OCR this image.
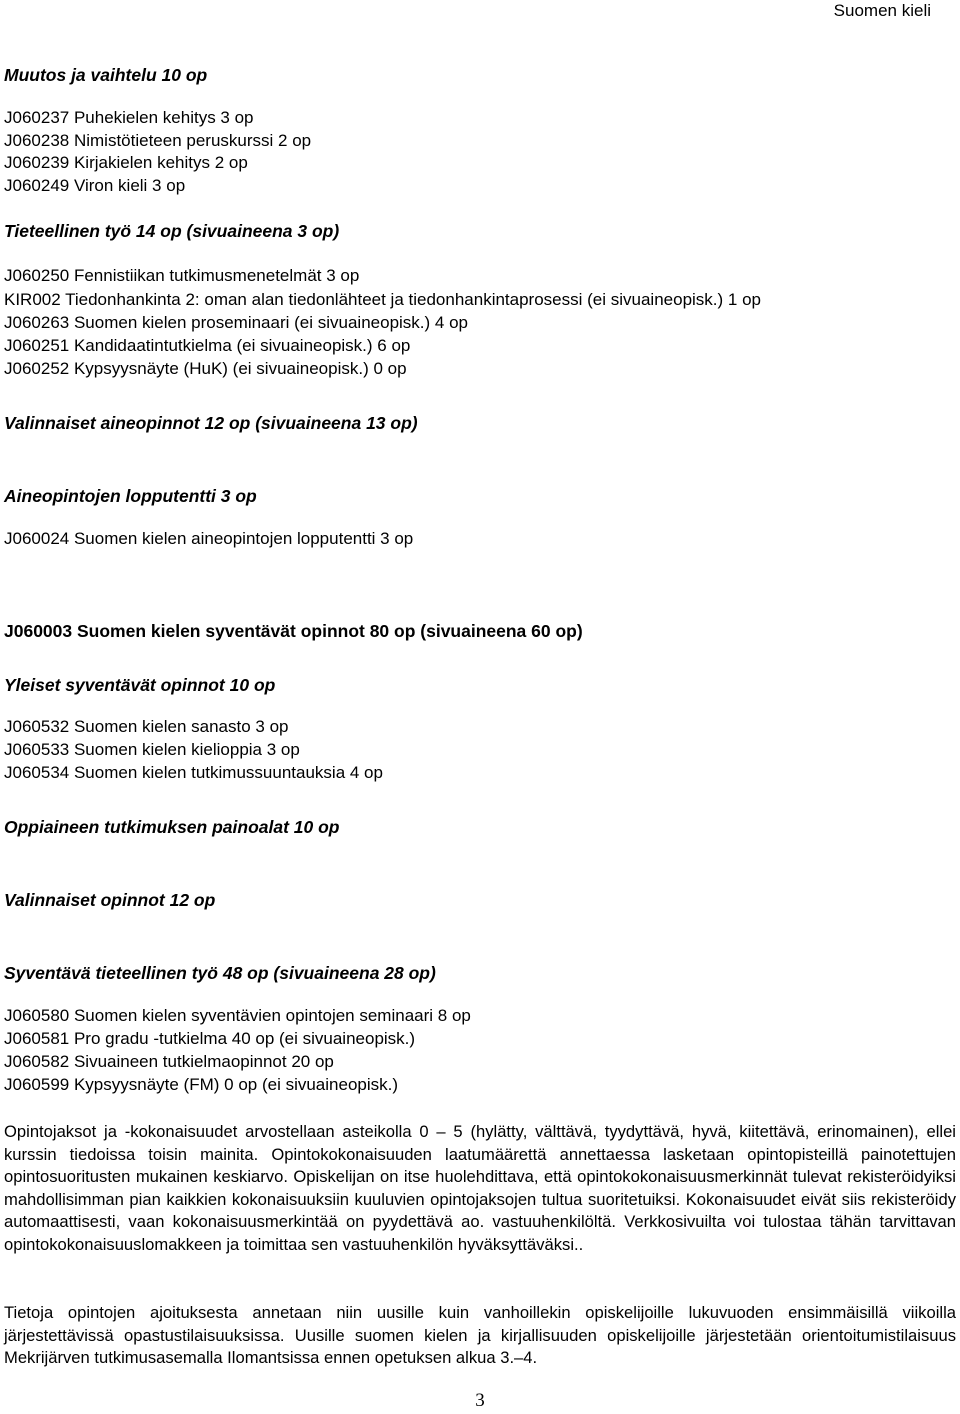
Suomen kieli
Muutos ja vaihtelu 10 op
J060237 Puhekielen kehitys 3 op
J060238 Nimistötieteen peruskurssi 2 op
J060239 Kirjakielen kehitys 2 op
J060249 Viron kieli 3 op
Tieteellinen työ 14 op (sivuaineena 3 op)
J060250 Fennistiikan tutkimusmenetelmät 3 op
KIR002 Tiedonhankinta 2: oman alan tiedonlähteet ja tiedonhankintaprosessi (ei sivuaineopisk.) 1 op
J060263 Suomen kielen proseminaari (ei sivuaineopisk.) 4 op
J060251 Kandidaatintutkielma (ei sivuaineopisk.) 6 op
J060252 Kypsyysnäyte (HuK) (ei sivuaineopisk.) 0 op
Valinnaiset aineopinnot 12 op (sivuaineena 13 op)
Aineopintojen lopputentti 3 op
J060024 Suomen kielen aineopintojen lopputentti 3 op
J060003 Suomen kielen syventävät opinnot 80 op (sivuaineena 60 op)
Yleiset syventävät opinnot 10 op
J060532 Suomen kielen sanasto 3 op
J060533 Suomen kielen kielioppia 3 op
J060534 Suomen kielen tutkimussuuntauksia 4 op
Oppiaineen tutkimuksen painoalat 10 op
Valinnaiset opinnot 12 op
Syventävä tieteellinen työ 48 op (sivuaineena 28 op)
J060580 Suomen kielen syventävien opintojen seminaari 8 op
J060581 Pro gradu -tutkielma 40 op (ei sivuaineopisk.)
J060582 Sivuaineen tutkielmaopinnot 20 op
J060599 Kypsyysnäyte (FM) 0 op (ei sivuaineopisk.)
Opintojaksot ja -kokonaisuudet arvostellaan asteikolla 0 – 5 (hylätty, välttävä, tyydyttävä, hyvä, kiitettävä, erinomainen), ellei kurssin tiedoissa toisin mainita. Opintokokonaisuuden laatumäärettä annettaessa lasketaan opintopisteillä painotettujen opintosuoritusten mukainen keskiarvo. Opiskelijan on itse huolehdittava, että opintokokonaisuusmerkinnät tulevat rekisteröidyiksi mahdollisimman pian kaikkien kokonaisuuksiin kuuluvien opintojaksojen tultua suoritetuiksi. Kokonaisuudet eivät siis rekisteröidy automaattisesti, vaan kokonaisuusmerkintää on pyydettävä ao. vastuuhenkilöltä. Verkkosivuilta voi tulostaa tähän tarvittavan opintokokonaisuuslomakkeen ja toimittaa sen vastuuhenkilön hyväksyttäväksi..
Tietoja opintojen ajoituksesta annetaan niin uusille kuin vanhoillekin opiskelijoille lukuvuoden ensimmäisillä viikoilla järjestettävissä opastustilaisuuksissa. Uusille suomen kielen ja kirjallisuuden opiskelijoille järjestetään orientoitumistilaisuus Mekrijärven tutkimusasemalla Ilomantsissa ennen opetuksen alkua 3.–4.
3
